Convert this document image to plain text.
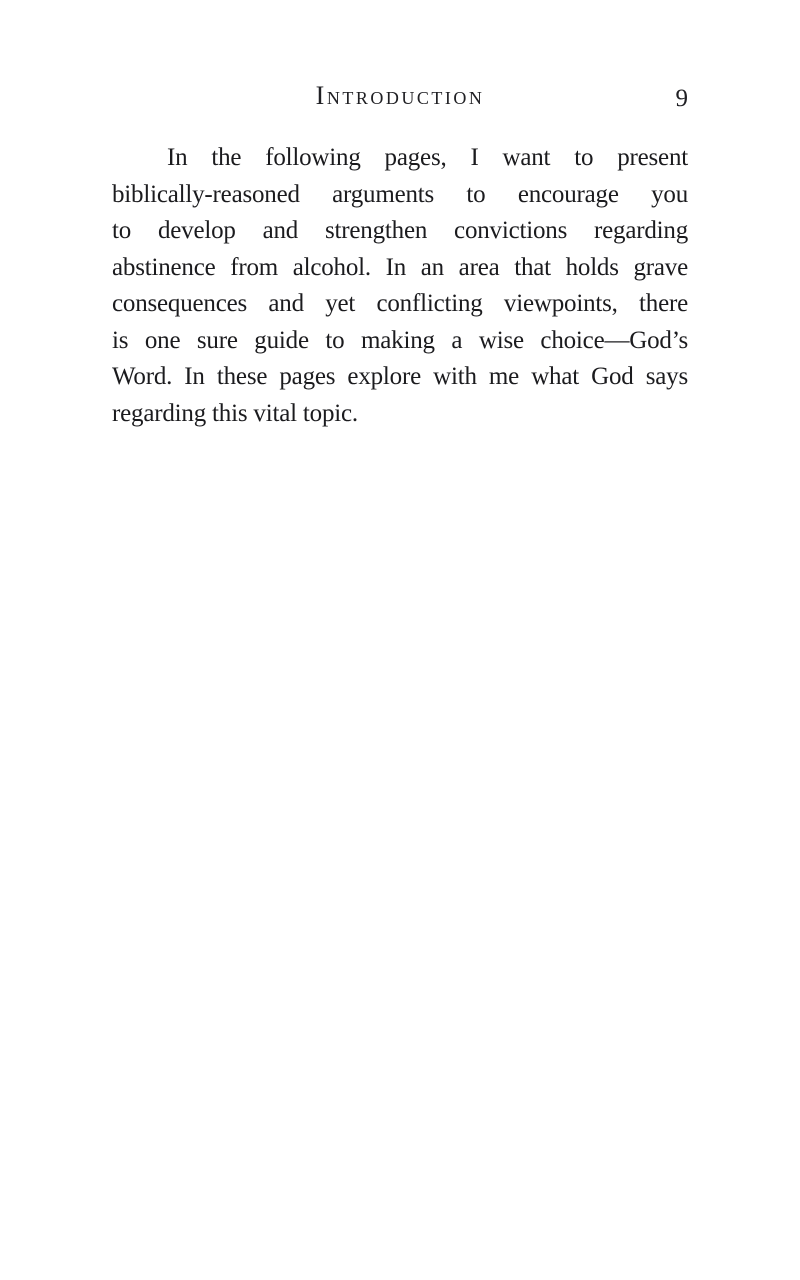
Introduction	9
In the following pages, I want to present
biblically-reasoned arguments to encourage you
to develop and strengthen convictions regarding
abstinence from alcohol. In an area that holds grave
consequences and yet conflicting viewpoints, there
is one sure guide to making a wise choice—God’s
Word. In these pages explore with me what God says
regarding this vital topic.
